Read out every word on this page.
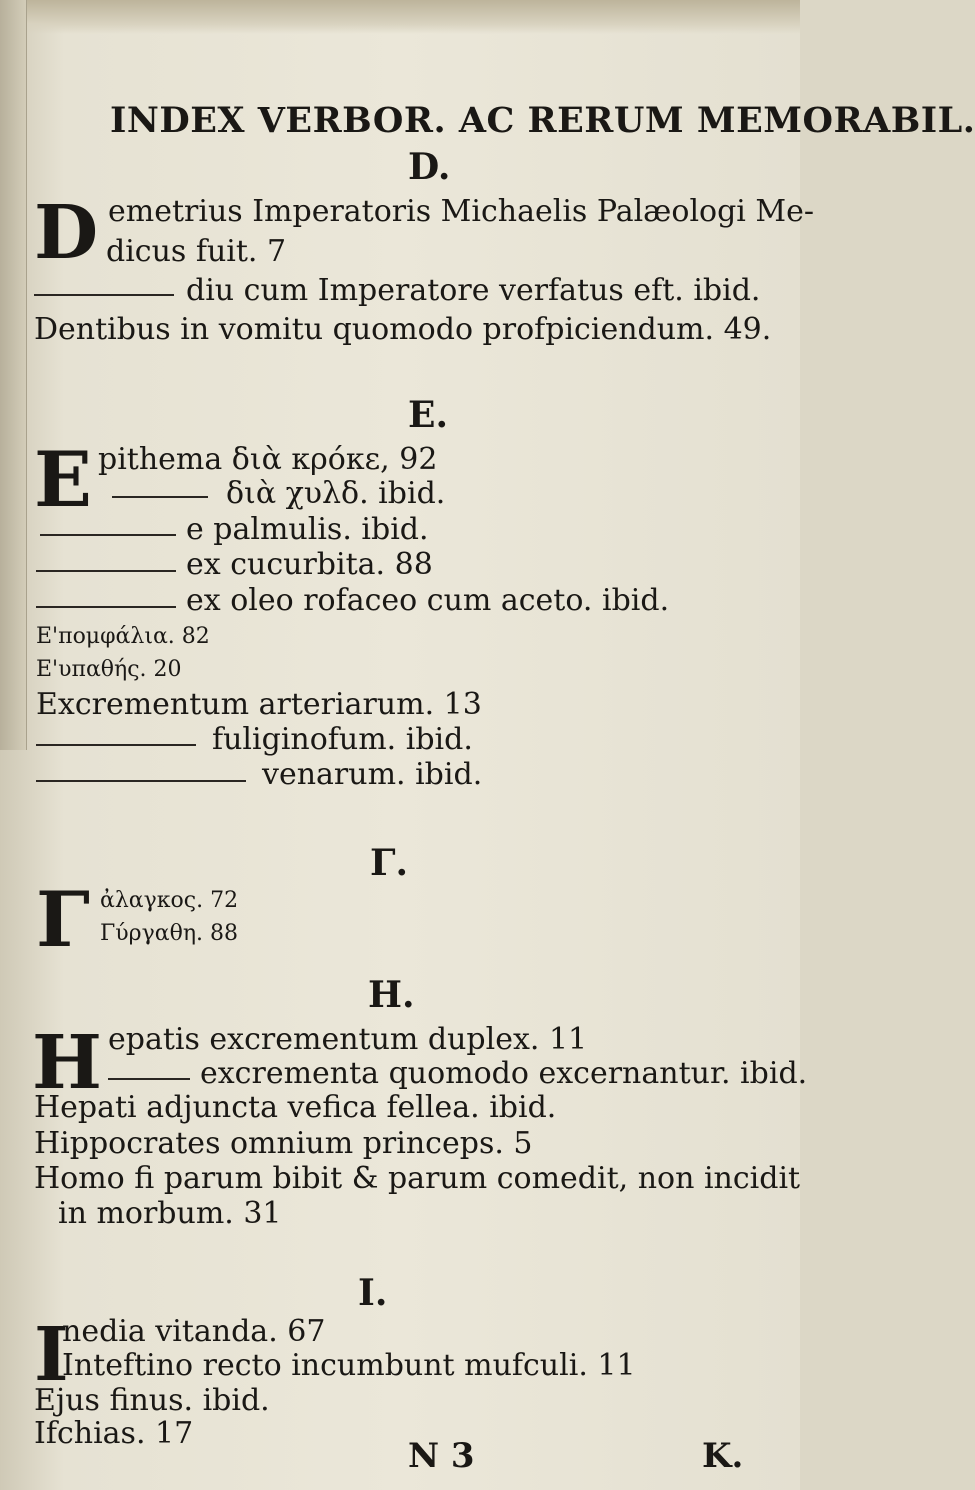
INDEX VERBOR. AC RERUM MEMORABIL.
D.
D emetrius Imperatoris Michaelis Palæologi Me-
dicus fuit. 7
diu cum Imperatore verfatus eft. ibid.
Dentibus in vomitu quomodo profpiciendum. 49.
E.
E pithema διὰ κρόκε, 92
διὰ χυλδ. ibid.
e palmulis. ibid.
ex cucurbita. 88
ex oleo rofaceo cum aceto. ibid.
Ε'πομφάλια. 82
Ε'υπαθής. 20
Excrementum arteriarum. 13
fuliginofum. ibid.
venarum. ibid.
Γ.
Γ ἀλαγκος. 72
Γύργαθη. 88
H.
H epatis excrementum duplex. 11
excrementa quomodo excernantur. ibid.
Hepati adjuncta vefica fellea. ibid.
Hippocrates omnium princeps. 5
Homo fi parum bibit & parum comedit, non incidit
in morbum. 31
I.
I
nedia vitanda. 67
Inteftino recto incumbunt mufculi. 11
Ejus finus. ibid.
Ifchias. 17
N 3	K.
